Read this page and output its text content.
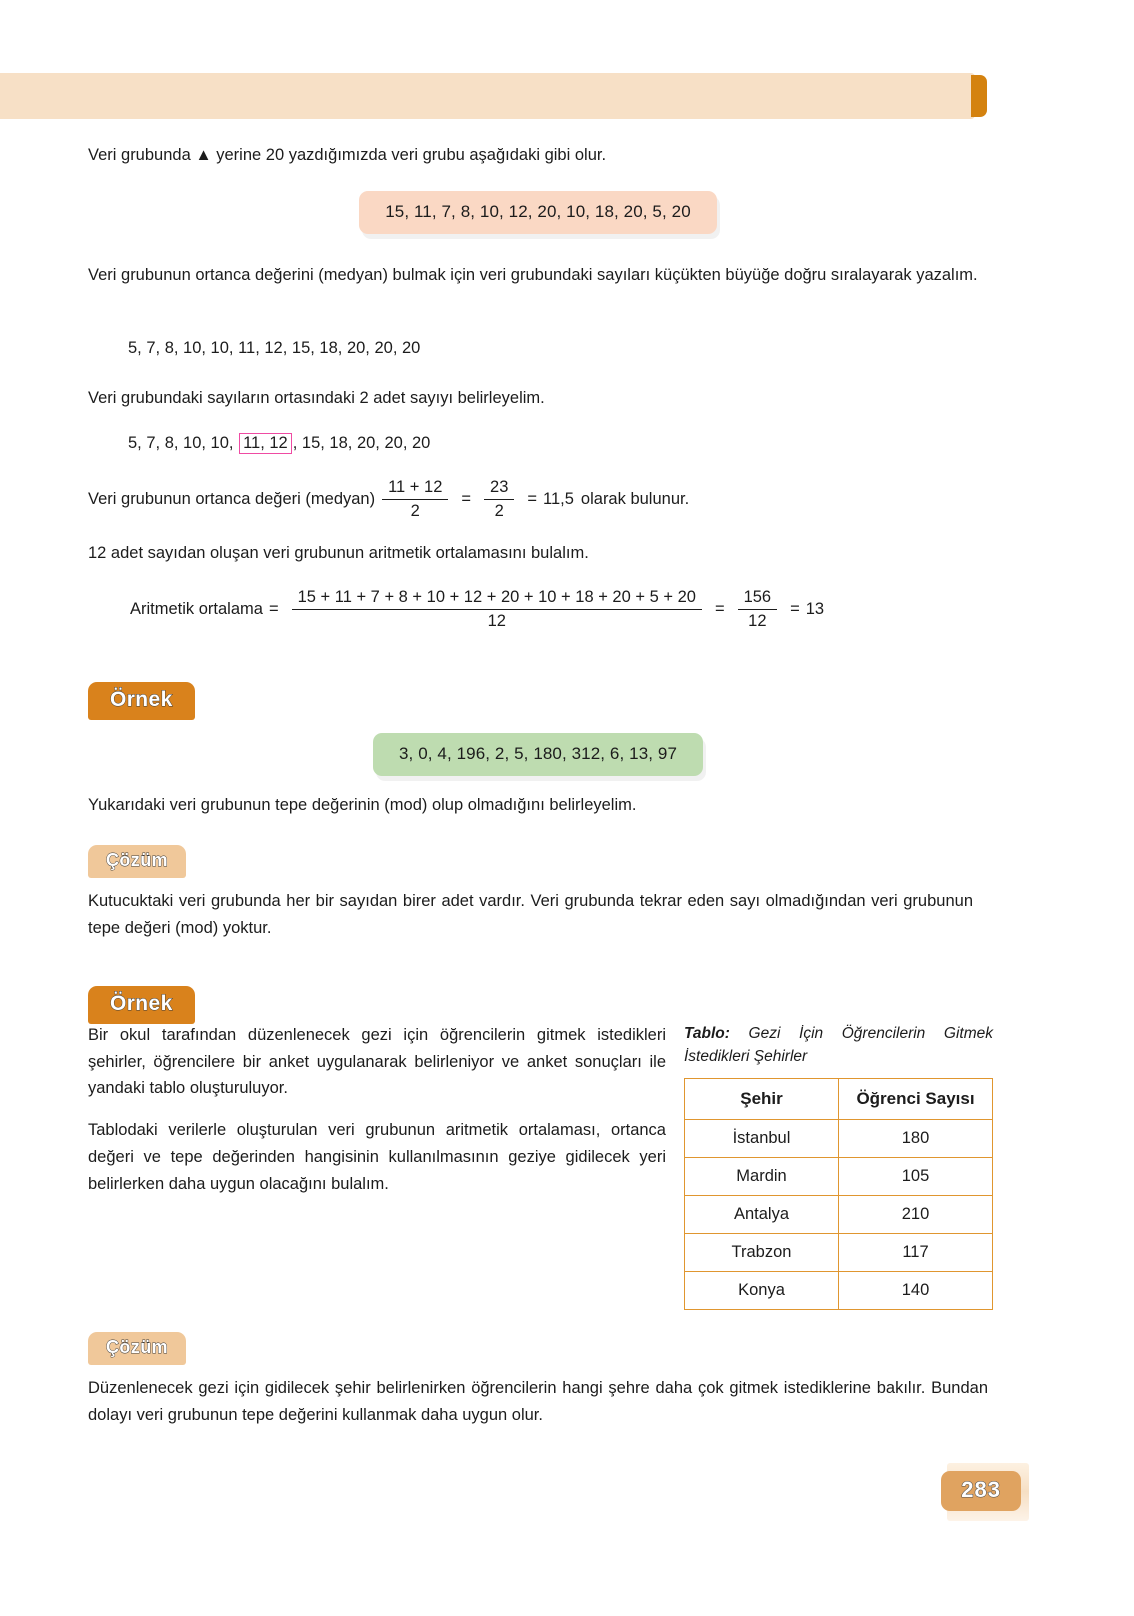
Veri grubunda ▲ yerine 20 yazdığımızda veri grubu aşağıdaki gibi olur.

15, 11, 7, 8, 10, 12, 20, 10, 18, 20, 5, 20

Veri grubunun ortanca değerini (medyan) bulmak için veri grubundaki sayıları küçükten büyüğe doğru sıralayarak yazalım.

5, 7, 8, 10, 10, 11, 12, 15, 18, 20, 20, 20

Veri grubundaki sayıların ortasındaki 2 adet sayıyı belirleyelim.

5, 7, 8, 10, 10, 11, 12 , 15, 18, 20, 20, 20

Veri grubunun ortanca değeri (medyan) $\frac{11 + 12}{2} = \frac{23}{2} = 11,5$ olarak bulunur.

12 adet sayıdan oluşan veri grubunun aritmetik ortalamasını bulalım.

Aritmetik ortalama = $\frac{15 + 11 + 7 + 8 + 10 + 12 + 20 + 10 + 18 + 20 + 5 + 20}{12} = \frac{156}{12} = 13$
Örnek
3, 0, 4, 196, 2, 5, 180, 312, 6, 13, 97

Yukarıdaki veri grubunun tepe değerinin (mod) olup olmadığını belirleyelim.

Çözüm

Kutucuktaki veri grubunda her bir sayıdan birer adet vardır. Veri grubunda tekrar eden sayı olmadığından veri grubunun tepe değeri (mod) yoktur.

Örnek

Bir okul tarafından düzenlenecek gezi için öğrencilerin gitmek istedikleri şehirler, öğrencilere bir anket uygulanarak belirleniyor ve anket sonuçları ile yandaki tablo oluşturuluyor.

Tablodaki verilerle oluşturulan veri grubunun aritmetik ortalaması, ortanca değeri ve tepe değerinden hangisinin kullanılmasının geziye gidilecek yeri belirlerken daha uygun olacağını bulalım.

Tablo: Gezi İçin Öğrencilerin Gitmek İstedikleri Şehirler

Şehir	Öğrenci Sayısı
İstanbul	180
Mardin	105
Antalya	210
Trabzon	117
Konya	140
Çözüm

Düzenlenecek gezi için gidilecek şehir belirlenirken öğrencilerin hangi şehre daha çok gitmek istediklerine bakılır. Bundan dolayı veri grubunun tepe değerini kullanmak daha uygun olur.

283
